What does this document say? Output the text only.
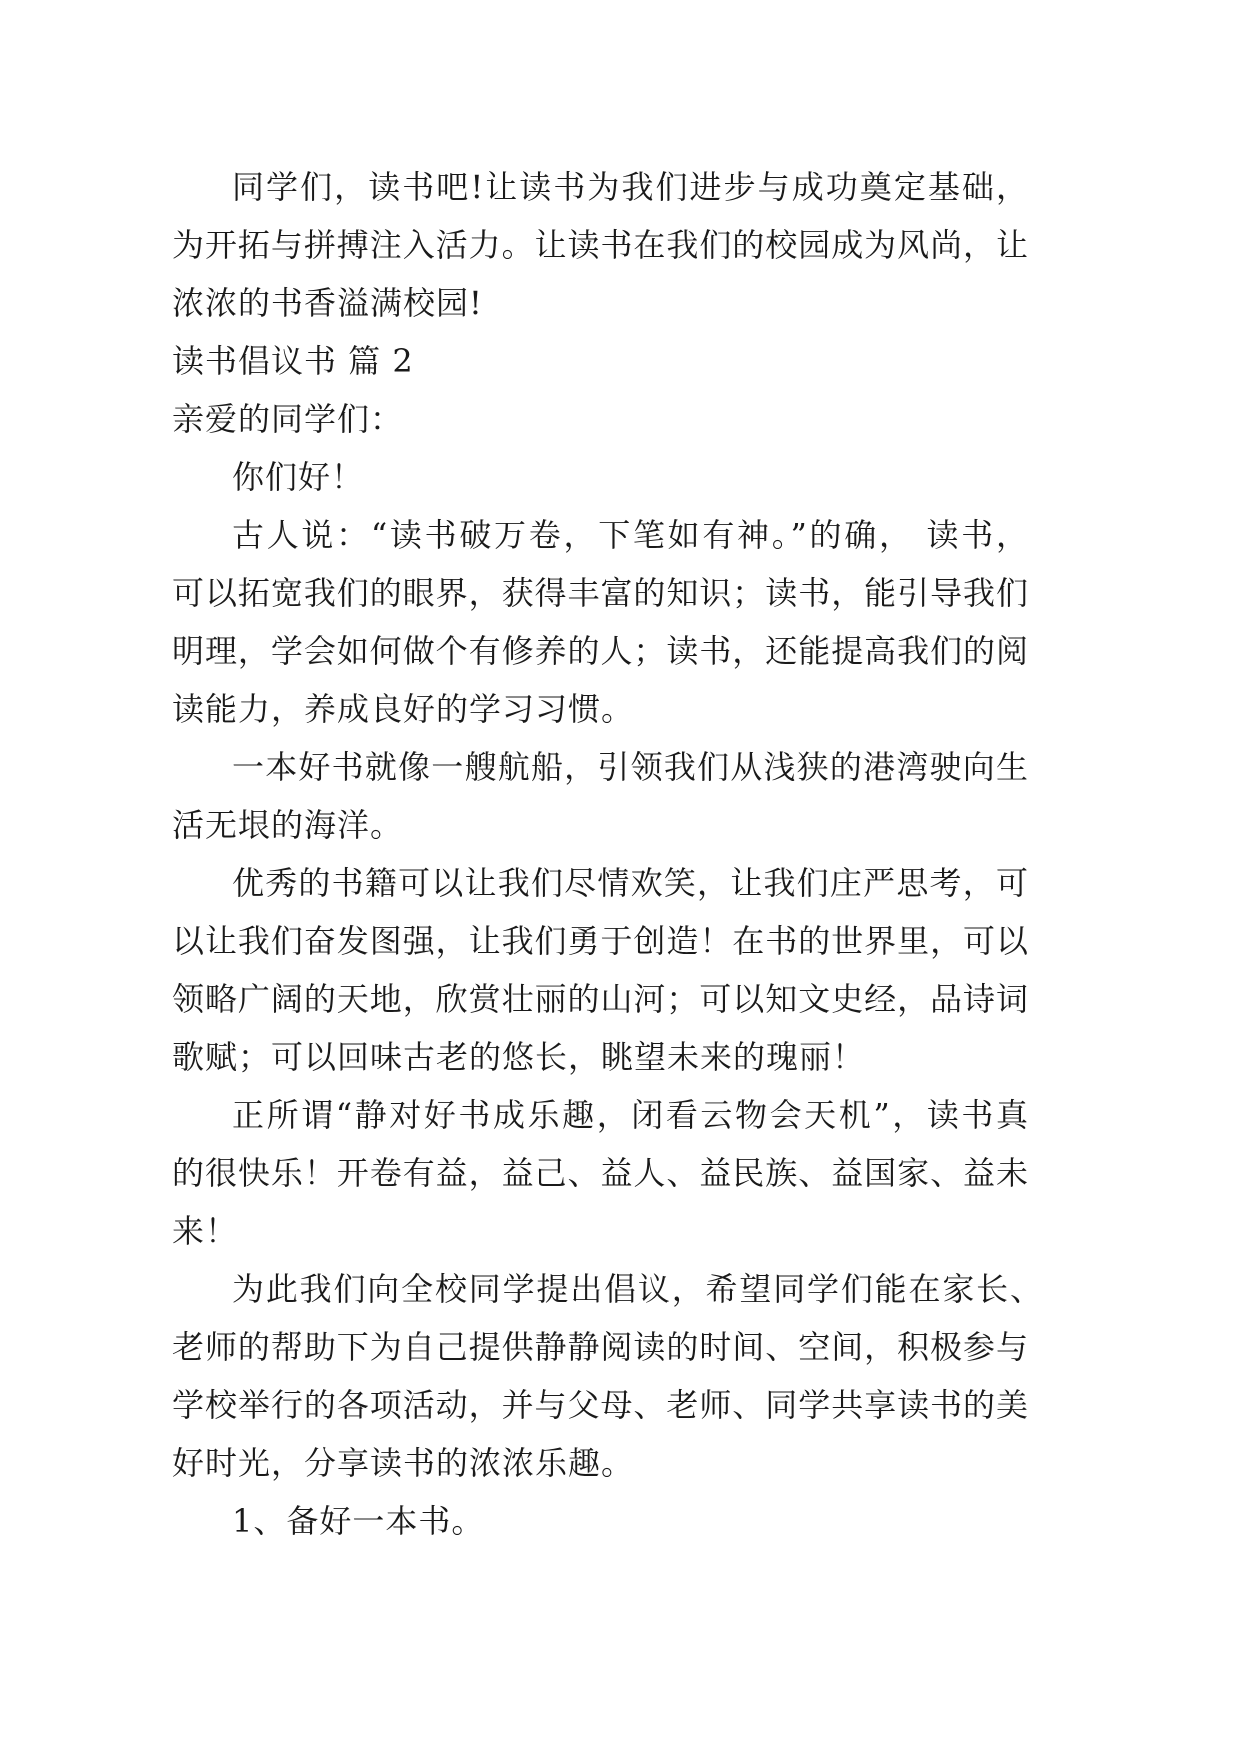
同学们，读书吧!让读书为我们进步与成功奠定基础，
为开拓与拼搏注入活力。让读书在我们的校园成为风尚，让
浓浓的书香溢满校园!
读书倡议书 篇 2
亲爱的同学们：
你们好！
古人说：“读书破万卷，下笔如有神。”的确， 读书，
可以拓宽我们的眼界，获得丰富的知识；读书，能引导我们
明理，学会如何做个有修养的人；读书，还能提高我们的阅
读能力，养成良好的学习习惯。
一本好书就像一艘航船，引领我们从浅狭的港湾驶向生
活无垠的海洋。
优秀的书籍可以让我们尽情欢笑，让我们庄严思考，可
以让我们奋发图强，让我们勇于创造！在书的世界里，可以
领略广阔的天地，欣赏壮丽的山河；可以知文史经，品诗词
歌赋；可以回味古老的悠长，眺望未来的瑰丽！
正所谓“静对好书成乐趣，闭看云物会天机”，读书真
的很快乐！开卷有益，益己、益人、益民族、益国家、益未
来！
为此我们向全校同学提出倡议，希望同学们能在家长、
老师的帮助下为自己提供静静阅读的时间、空间，积极参与
学校举行的各项活动，并与父母、老师、同学共享读书的美
好时光，分享读书的浓浓乐趣。
1、备好一本书。
